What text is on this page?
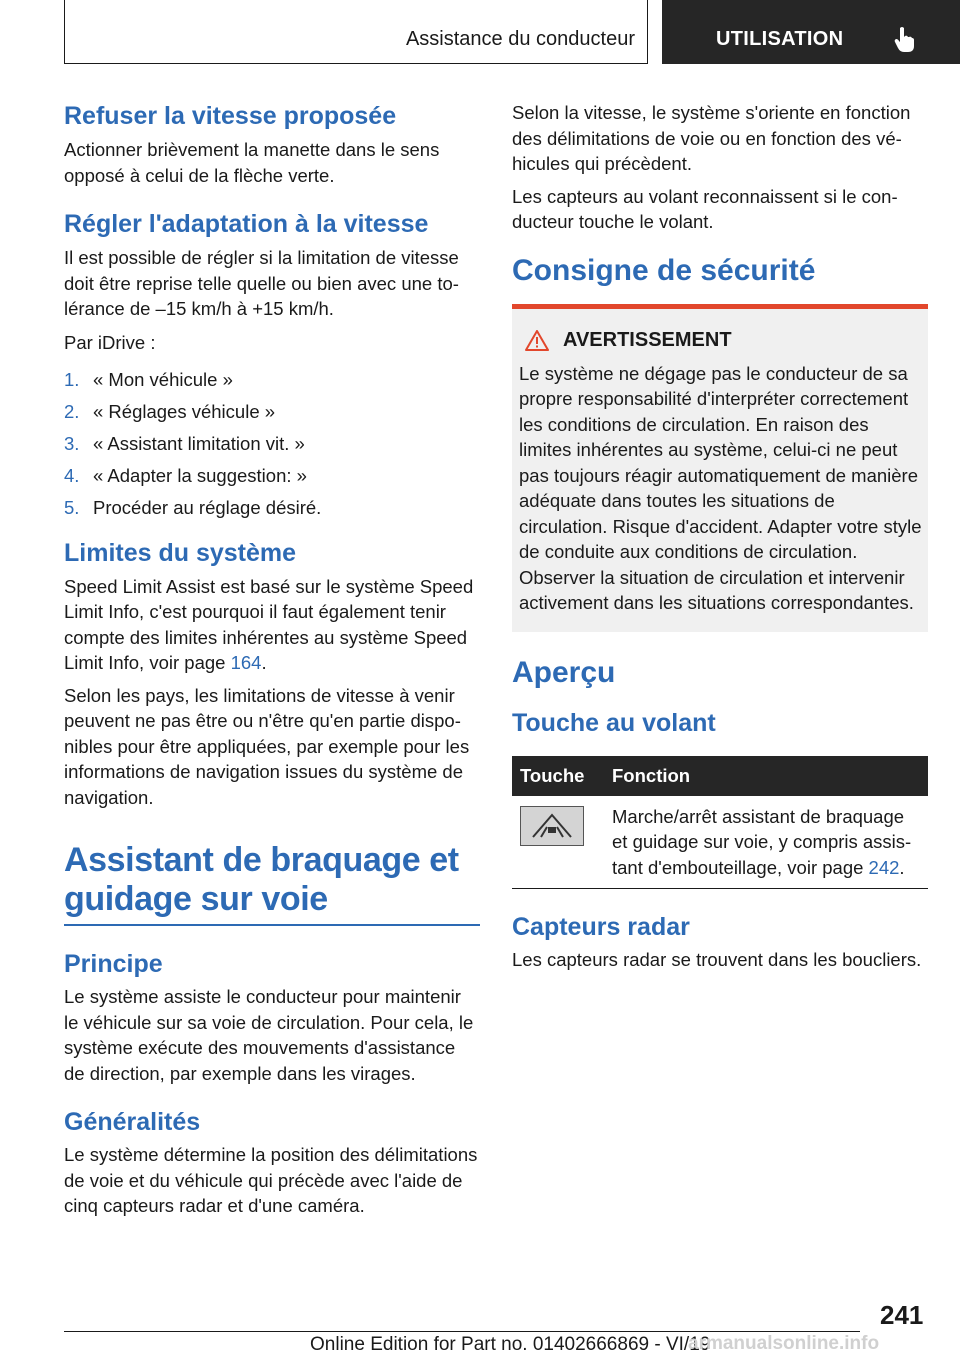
Assistance du conducteur	UTILISATION
Refuser la vitesse proposée

Actionner brièvement la manette dans le sens opposé à celui de la flèche verte.

Régler l'adaptation à la vitesse

Il est possible de régler si la limitation de vitesse doit être reprise telle quelle ou bien avec une tolérance de –15 km/h à +15 km/h.

Par iDrive :

1. « Mon véhicule »
2. « Réglages véhicule »
3. « Assistant limitation vit. »
4. « Adapter la suggestion: »
5. Procéder au réglage désiré.
Limites du système

Speed Limit Assist est basé sur le système Speed Limit Info, c'est pourquoi il faut également tenir compte des limites inhérentes au système Speed Limit Info, voir page 164.

Selon les pays, les limitations de vitesse à venir peuvent ne pas être ou n'être qu'en partie disponibles pour être appliquées, par exemple pour les informations de navigation issues du système de navigation.

Assistant de braquage et guidage sur voie
Principe

Le système assiste le conducteur pour maintenir le véhicule sur sa voie de circulation. Pour cela, le système exécute des mouvements d'assistance de direction, par exemple dans les virages.

Généralités

Le système détermine la position des délimitations de voie et du véhicule qui précède avec l'aide de cinq capteurs radar et d'une caméra.

Selon la vitesse, le système s'oriente en fonction des délimitations de voie ou en fonction des véhicules qui précèdent.

Les capteurs au volant reconnaissent si le conducteur touche le volant.

Consigne de sécurité
AVERTISSEMENT

Le système ne dégage pas le conducteur de sa propre responsabilité d'interpréter correctement les conditions de circulation. En raison des limites inhérentes au système, celui-ci ne peut pas toujours réagir automatiquement de manière adéquate dans toutes les situations de circulation. Risque d'accident. Adapter votre style de conduite aux conditions de circulation. Observer la situation de circulation et intervenir activement dans les situations correspondantes.

Aperçu
Touche au volant
Touche	Fonction

	Marche/arrêt assistant de braquage et guidage sur voie, y compris assistant d'embouteillage, voir page 242.
Capteurs radar

Les capteurs radar se trouvent dans les boucliers.

241
Online Edition for Part no. 01402666869 - VI/19
armanualsonline.info
